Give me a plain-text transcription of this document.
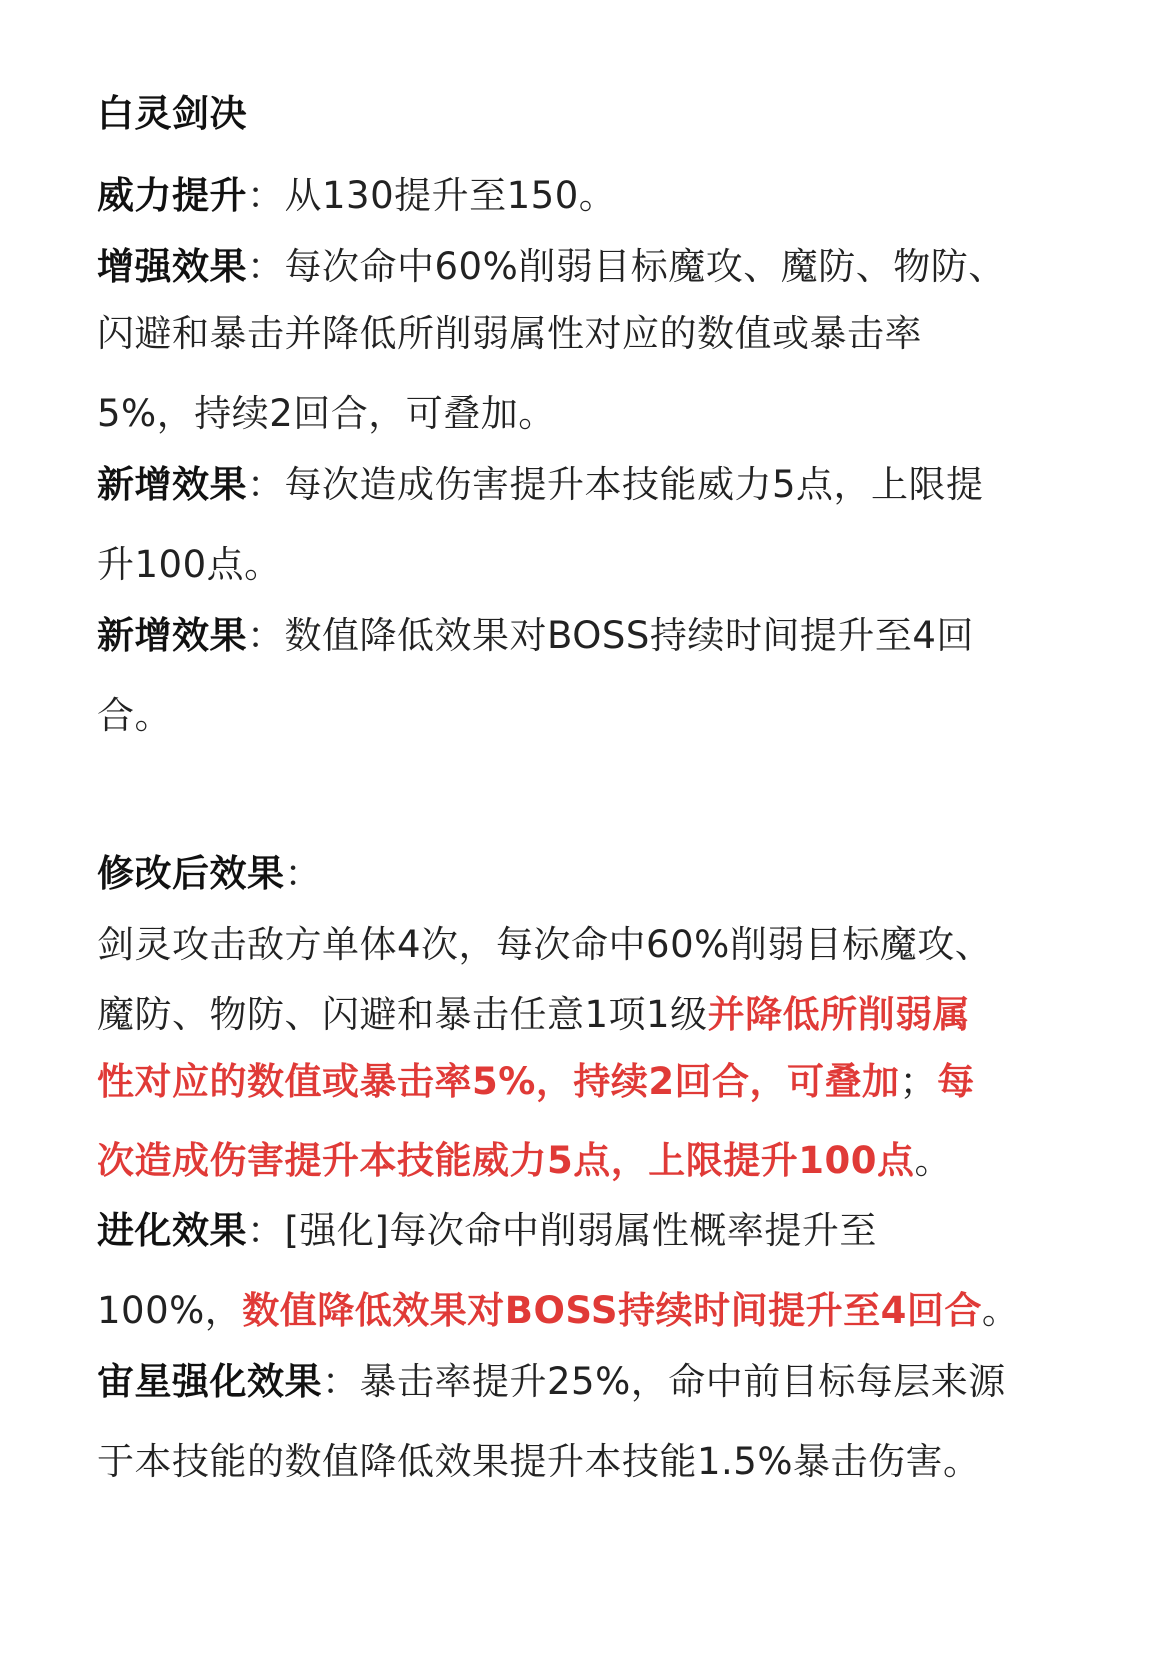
白灵剑决
威力提升：从130提升至150。
增强效果：每次命中60%削弱目标魔攻、魔防、物防、
闪避和暴击并降低所削弱属性对应的数值或暴击率
5%，持续2回合，可叠加。
新增效果：每次造成伤害提升本技能威力5点，上限提
升100点。
新增效果：数值降低效果对BOSS持续时间提升至4回
合。
修改后效果：
剑灵攻击敌方单体4次，每次命中60%削弱目标魔攻、
魔防、物防、闪避和暴击任意1项1级并降低所削弱属
性对应的数值或暴击率5%，持续2回合，可叠加；每
次造成伤害提升本技能威力5点，上限提升100点。
进化效果：[强化]每次命中削弱属性概率提升至
100%，数值降低效果对BOSS持续时间提升至4回合。
宙星强化效果：暴击率提升25%，命中前目标每层来源
于本技能的数值降低效果提升本技能1.5%暴击伤害。
